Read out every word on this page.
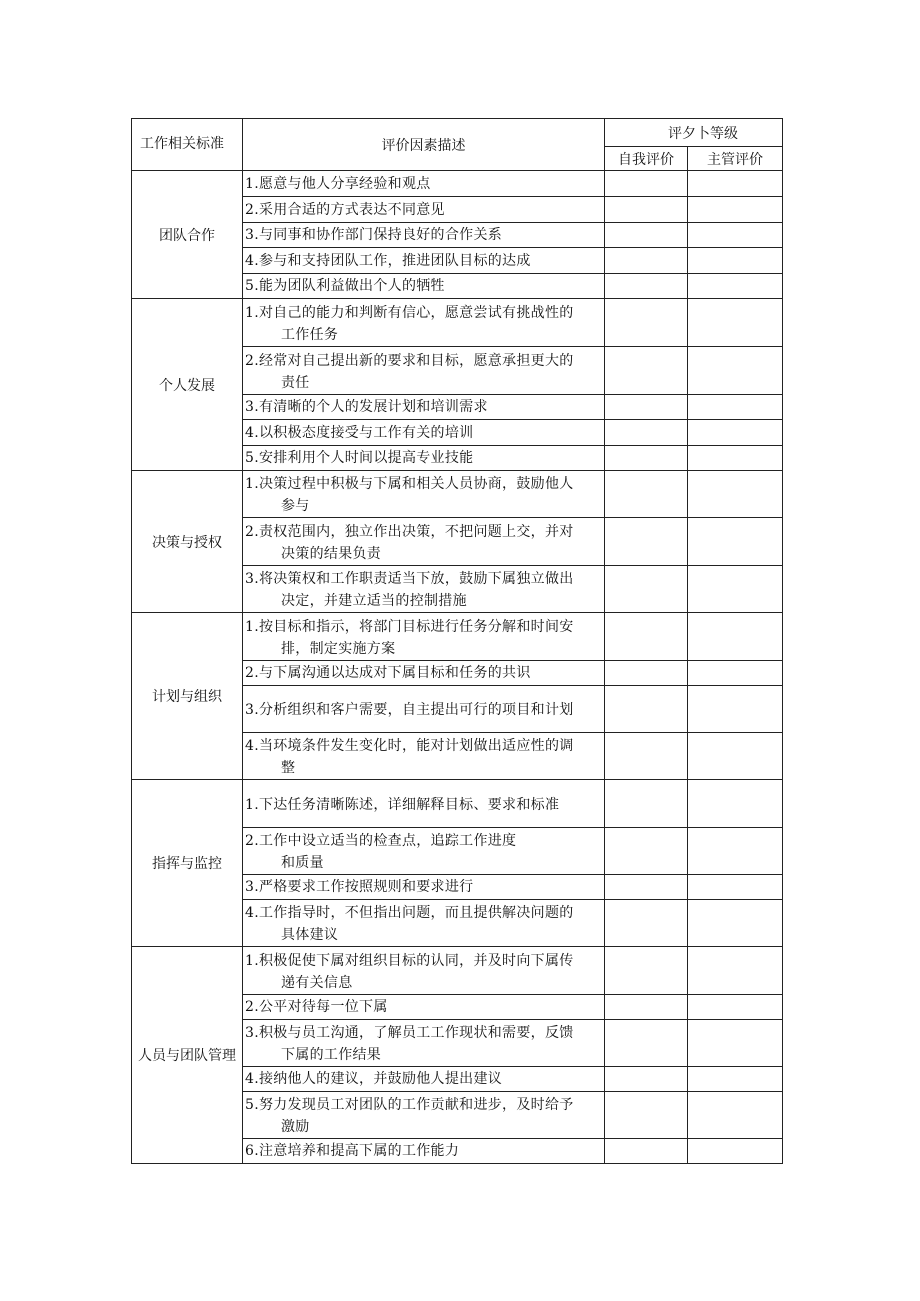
工作相关标准	评价因素描述	评夕卜等级	
		自我评价	主管评价
团队合作	1.愿意与他人分享经验和观点		

	2.采用合适的方式表达不同意见		

	3.与同事和协作部门保持良好的合作关系		

	4.参与和支持团队工作，推进团队目标的达成		

	5.能为团队利益做出个人的牺牲		

个人发展	1.对自己的能力和判断有信心，愿意尝试有挑战性的
工作任务		

	2.经常对自己提出新的要求和目标，愿意承担更大的
责任		

	3.有清晰的个人的发展计划和培训需求		

	4.以积极态度接受与工作有关的培训		

	5.安排利用个人时间以提高专业技能		

决策与授权	1.决策过程中积极与下属和相关人员协商，鼓励他人
参与		

	2.责权范围内，独立作出决策，不把问题上交，并对
决策的结果负责		

	3.将决策权和工作职责适当下放，鼓励下属独立做出
决定，并建立适当的控制措施		

计划与组织	1.按目标和指示，将部门目标进行任务分解和时间安
排，制定实施方案		

	2.与下属沟通以达成对下属目标和任务的共识		

	3.分析组织和客户需要，自主提出可行的项目和计划		

	4.当环境条件发生变化时，能对计划做出适应性的调
整		

指挥与监控	1.下达任务清晰陈述，详细解释目标、要求和标准		

	2.工作中设立适当的检查点，追踪工作进度
和质量		

	3.严格要求工作按照规则和要求进行		

	4.工作指导时，不但指出问题，而且提供解决问题的
具体建议		

人员与团队管理	1.积极促使下属对组织目标的认同，并及时向下属传
递有关信息		

	2.公平对待每一位下属		

	3.积极与员工沟通，了解员工工作现状和需要，反馈
下属的工作结果		

	4.接纳他人的建议，并鼓励他人提出建议		

	5.努力发现员工对团队的工作贡献和进步，及时给予
激励		

	6.注意培养和提高下属的工作能力		
